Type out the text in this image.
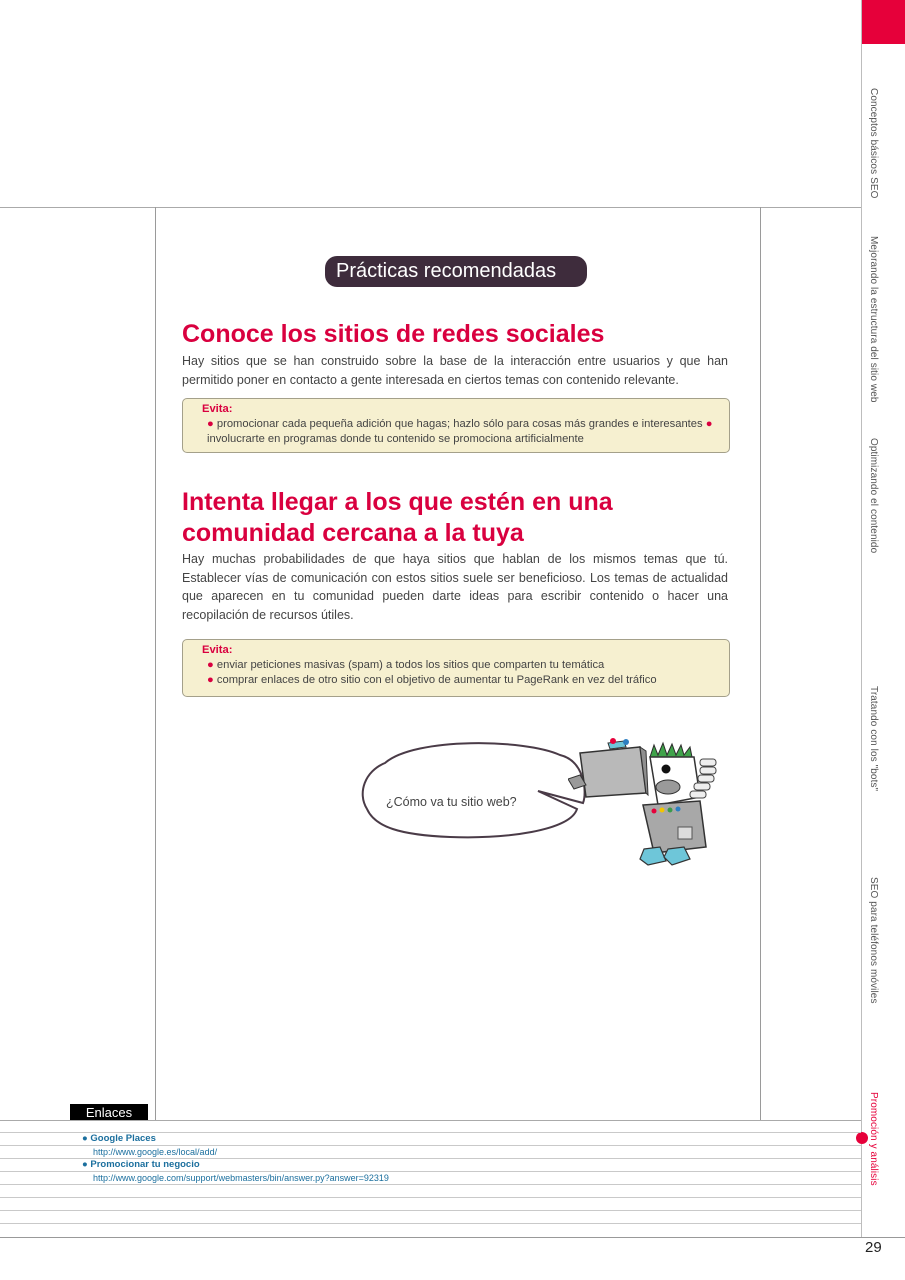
Conceptos básicos SEO
Mejorando la estructura del sitio web
Optimizando el contenido
Tratando con los "bots"
SEO para teléfonos móviles
Promoción y análisis
29
Prácticas recomendadas
Conoce los sitios de redes sociales

Hay sitios que se han construido sobre la base de la interacción entre usuarios y que han permitido poner en contacto a gente interesada en ciertos temas con contenido relevante.

Evita:
● promocionar cada pequeña adición que hagas; hazlo sólo para cosas más grandes e interesantes ● involucrarte en programas donde tu contenido se promociona artificialmente
Intenta llegar a los que estén en una comunidad cercana a la tuya

Hay muchas probabilidades de que haya sitios que hablan de los mismos temas que tú. Establecer vías de comunicación con estos sitios suele ser beneficioso. Los temas de actualidad que aparecen en tu comunidad pueden darte ideas para escribir contenido o hacer una recopilación de recursos útiles.

Evita:
● enviar peticiones masivas (spam) a todos los sitios que comparten tu temática
● comprar enlaces de otro sitio con el objetivo de aumentar tu PageRank en vez del tráfico
¿Cómo va tu sitio web?
Enlaces
● Google Places
http://www.google.es/local/add/
● Promocionar tu negocio
http://www.google.com/support/webmasters/bin/answer.py?answer=92319
